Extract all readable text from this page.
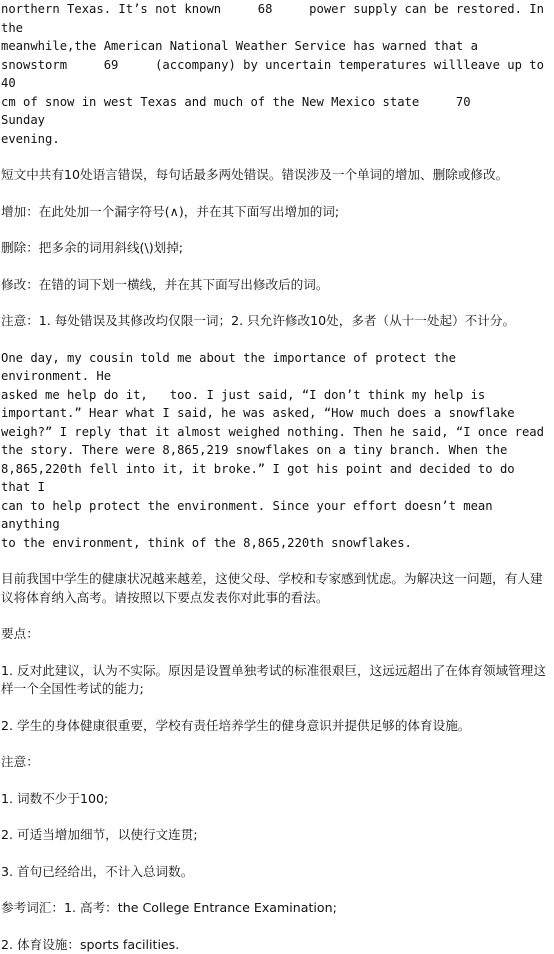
northern Texas. It’s not known     68     power supply can be restored. In the

meanwhile,the American National Weather Service has warned that a

snowstorm     69     (accompany) by uncertain temperatures willleave up to 40

cm of snow in west Texas and much of the New Mexico state     70     Sunday

evening.

短文中共有10处语言错误，每句话最多两处错误。错误涉及一个单词的增加、删除或修改。

增加：在此处加一个漏字符号(∧)，并在其下面写出增加的词;

删除：把多余的词用斜线(\)划掉;

修改：在错的词下划一横线，并在其下面写出修改后的词。

注意：1. 每处错误及其修改均仅限一词；2. 只允许修改10处，多者（从十一处起）不计分。

One day, my cousin told me about the importance of protect the environment. He

asked me help do it,   too. I just said, “I don’t think my help is

important.” Hear what I said, he was asked, “How much does a snowflake

weigh?” I reply that it almost weighed nothing. Then he said, “I once read

the story. There were 8,865,219 snowflakes on a tiny branch. When the

8,865,220th fell into it, it broke.” I got his point and decided to do that I

can to help protect the environment. Since your effort doesn’t mean anything

to the environment, think of the 8,865,220th snowflakes.

目前我国中学生的健康状况越来越差，这使父母、学校和专家感到忧虑。为解决这一问题，有人建议将体育纳入高考。请按照以下要点发表你对此事的看法。

要点：

1. 反对此建议，认为不实际。原因是设置单独考试的标准很艰巨，这远远超出了在体育领域管理这样一个全国性考试的能力;

2. 学生的身体健康很重要，学校有责任培养学生的健身意识并提供足够的体育设施。

注意：

1. 词数不少于100;

2. 可适当增加细节，以使行文连贯;

3. 首句已经给出，不计入总词数。

参考词汇：1. 高考：the College Entrance Examination;

2. 体育设施：sports facilities.
